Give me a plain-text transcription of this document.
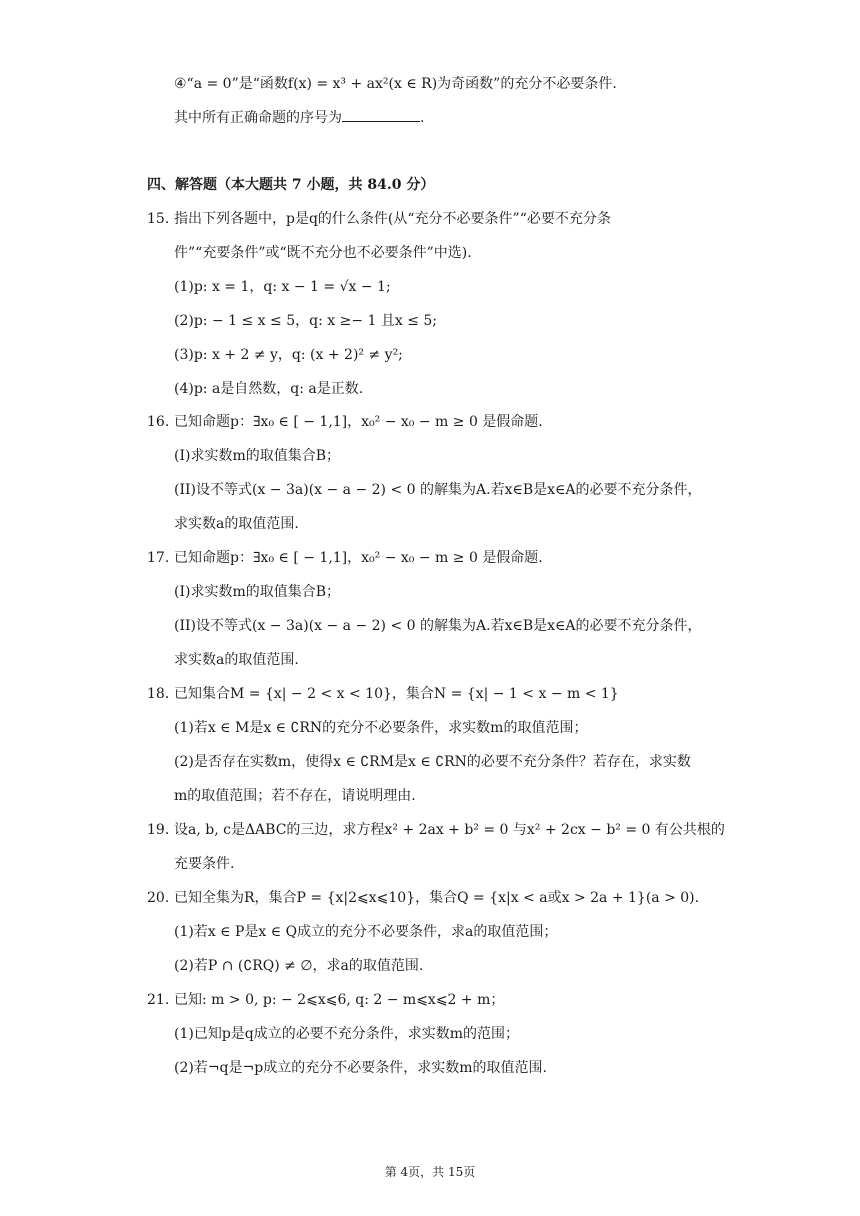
④“a = 0”是“函数f(x) = x³ + ax²(x ∈ R)为奇函数”的充分不必要条件.
其中所有正确命题的序号为	.
四、解答题（本大题共 7 小题，共 84.0 分）
15. 指出下列各题中，p是q的什么条件(从“充分不必要条件”“必要不充分条
件”“充要条件”或“既不充分也不必要条件”中选).
(1)p: x = 1，q: x − 1 = √x − 1;
(2)p: − 1 ≤ x ≤ 5，q: x ≥− 1 且x ≤ 5;
(3)p: x + 2 ≠ y，q: (x + 2)² ≠ y²;
(4)p: a是自然数，q: a是正数.
16. 已知命题p：∃x₀ ∈ [ − 1,1]，x₀² − x₀ − m ≥ 0 是假命题.
(I)求实数m的取值集合B；
(II)设不等式(x − 3a)(x − a − 2) < 0 的解集为A.若x∈B是x∈A的必要不充分条件，
求实数a的取值范围.
17. 已知命题p：∃x₀ ∈ [ − 1,1]，x₀² − x₀ − m ≥ 0 是假命题.
(I)求实数m的取值集合B；
(II)设不等式(x − 3a)(x − a − 2) < 0 的解集为A.若x∈B是x∈A的必要不充分条件，
求实数a的取值范围.
18. 已知集合M = {x| − 2 < x < 10}，集合N = {x| − 1 < x − m < 1}
(1)若x ∈ M是x ∈ ∁RN的充分不必要条件，求实数m的取值范围；
(2)是否存在实数m，使得x ∈ ∁RM是x ∈ ∁RN的必要不充分条件？若存在，求实数
m的取值范围；若不存在，请说明理由.
19. 设a, b, c是ΔABC的三边，求方程x² + 2ax + b² = 0 与x² + 2cx − b² = 0 有公共根的
充要条件.
20. 已知全集为R，集合P = {x|2⩽x⩽10}，集合Q = {x|x < a或x > 2a + 1}(a > 0).
(1)若x ∈ P是x ∈ Q成立的充分不必要条件，求a的取值范围；
(2)若P ∩ (∁RQ) ≠ ∅，求a的取值范围.
21. 已知: m > 0, p: − 2⩽x⩽6, q: 2 − m⩽x⩽2 + m；
(1)已知p是q成立的必要不充分条件，求实数m的范围；
(2)若¬q是¬p成立的充分不必要条件，求实数m的取值范围.
第 4页，共 15页
